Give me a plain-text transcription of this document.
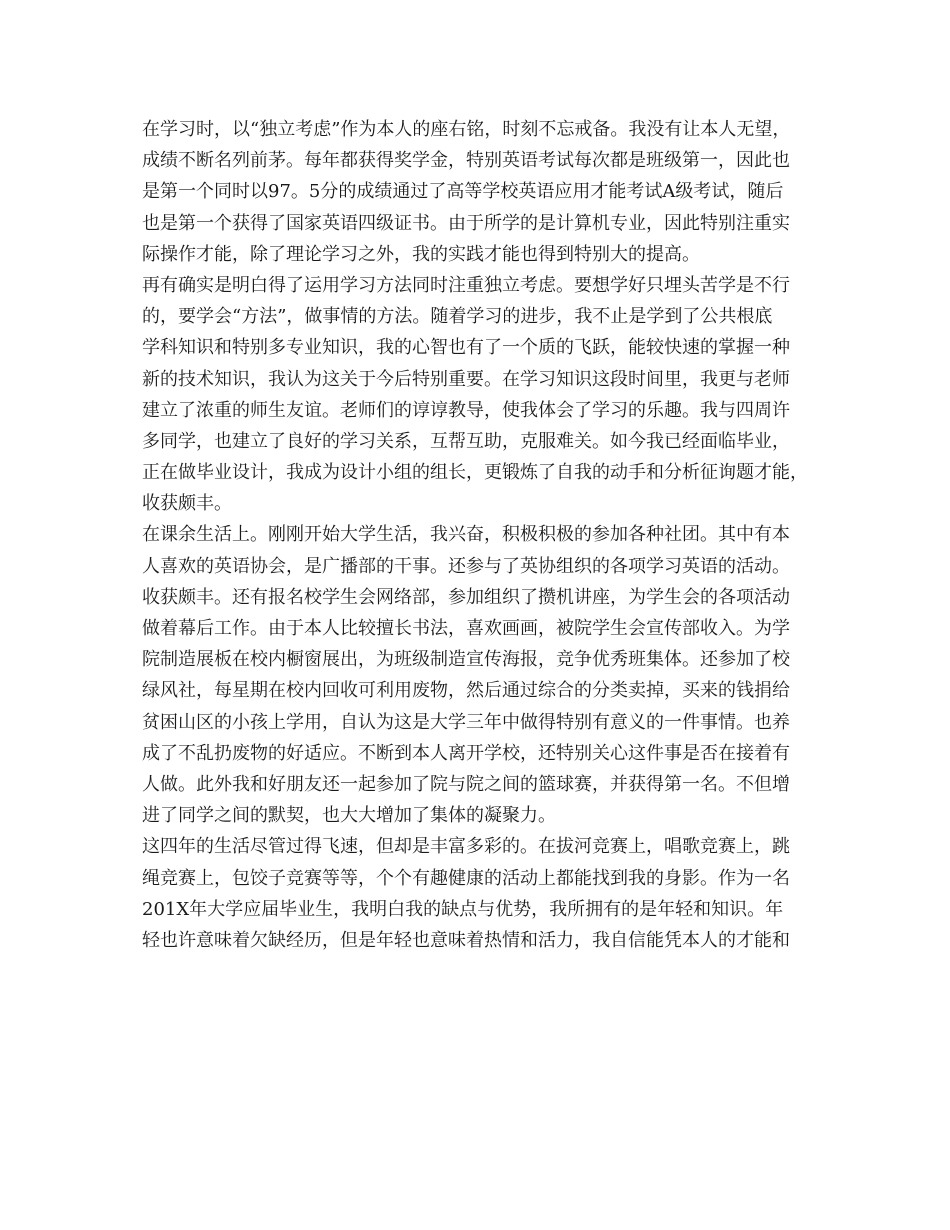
在学习时，以“独立考虑”作为本人的座右铭，时刻不忘戒备。我没有让本人无望，
成绩不断名列前茅。每年都获得奖学金，特别英语考试每次都是班级第一，因此也
是第一个同时以97。5分的成绩通过了高等学校英语应用才能考试A级考试，随后
也是第一个获得了国家英语四级证书。由于所学的是计算机专业，因此特别注重实
际操作才能，除了理论学习之外，我的实践才能也得到特别大的提高。
再有确实是明白得了运用学习方法同时注重独立考虑。要想学好只埋头苦学是不行
的，要学会“方法”，做事情的方法。随着学习的进步，我不止是学到了公共根底
学科知识和特别多专业知识，我的心智也有了一个质的飞跃，能较快速的掌握一种
新的技术知识，我认为这关于今后特别重要。在学习知识这段时间里，我更与老师
建立了浓重的师生友谊。老师们的谆谆教导，使我体会了学习的乐趣。我与四周许
多同学，也建立了良好的学习关系，互帮互助，克服难关。如今我已经面临毕业，
正在做毕业设计，我成为设计小组的组长，更锻炼了自我的动手和分析征询题才能，
收获颇丰。
在课余生活上。刚刚开始大学生活，我兴奋，积极积极的参加各种社团。其中有本
人喜欢的英语协会，是广播部的干事。还参与了英协组织的各项学习英语的活动。
收获颇丰。还有报名校学生会网络部，参加组织了攒机讲座，为学生会的各项活动
做着幕后工作。由于本人比较擅长书法，喜欢画画，被院学生会宣传部收入。为学
院制造展板在校内橱窗展出，为班级制造宣传海报，竞争优秀班集体。还参加了校
绿风社，每星期在校内回收可利用废物，然后通过综合的分类卖掉，买来的钱捐给
贫困山区的小孩上学用，自认为这是大学三年中做得特别有意义的一件事情。也养
成了不乱扔废物的好适应。不断到本人离开学校，还特别关心这件事是否在接着有
人做。此外我和好朋友还一起参加了院与院之间的篮球赛，并获得第一名。不但增
进了同学之间的默契，也大大增加了集体的凝聚力。
这四年的生活尽管过得飞速，但却是丰富多彩的。在拔河竞赛上，唱歌竞赛上，跳
绳竞赛上，包饺子竞赛等等，个个有趣健康的活动上都能找到我的身影。作为一名
201X年大学应届毕业生，我明白我的缺点与优势，我所拥有的是年轻和知识。年
轻也许意味着欠缺经历，但是年轻也意味着热情和活力，我自信能凭本人的才能和
